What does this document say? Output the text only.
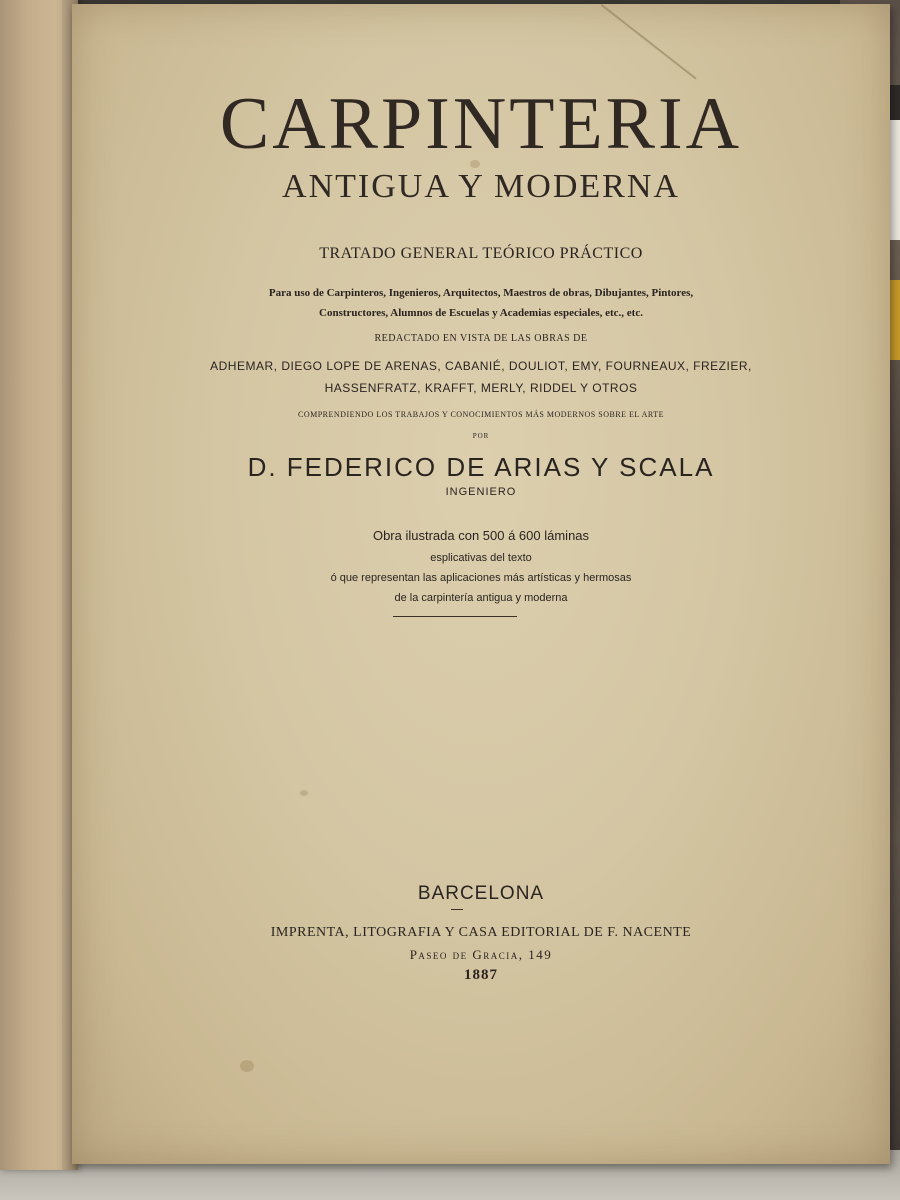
CARPINTERIA
ANTIGUA Y MODERNA
TRATADO GENERAL TEÓRICO PRÁCTICO
Para uso de Carpinteros, Ingenieros, Arquitectos, Maestros de obras, Dibujantes, Pintores,
Constructores, Alumnos de Escuelas y Academias especiales, etc., etc.
REDACTADO EN VISTA DE LAS OBRAS DE
ADHEMAR, DIEGO LOPE DE ARENAS, CABANIÉ, DOULIOT, EMY, FOURNEAUX, FREZIER,
HASSENFRATZ, KRAFFT, MERLY, RIDDEL Y OTROS
COMPRENDIENDO LOS TRABAJOS Y CONOCIMIENTOS MÁS MODERNOS SOBRE EL ARTE
POR
D. FEDERICO DE ARIAS Y SCALA
INGENIERO
Obra ilustrada con 500 á 600 láminas
esplicativas del texto
ó que representan las aplicaciones más artísticas y hermosas
de la carpintería antigua y moderna
BARCELONA
IMPRENTA, LITOGRAFIA Y CASA EDITORIAL DE F. NACENTE
Paseo de Gracia, 149
1887
